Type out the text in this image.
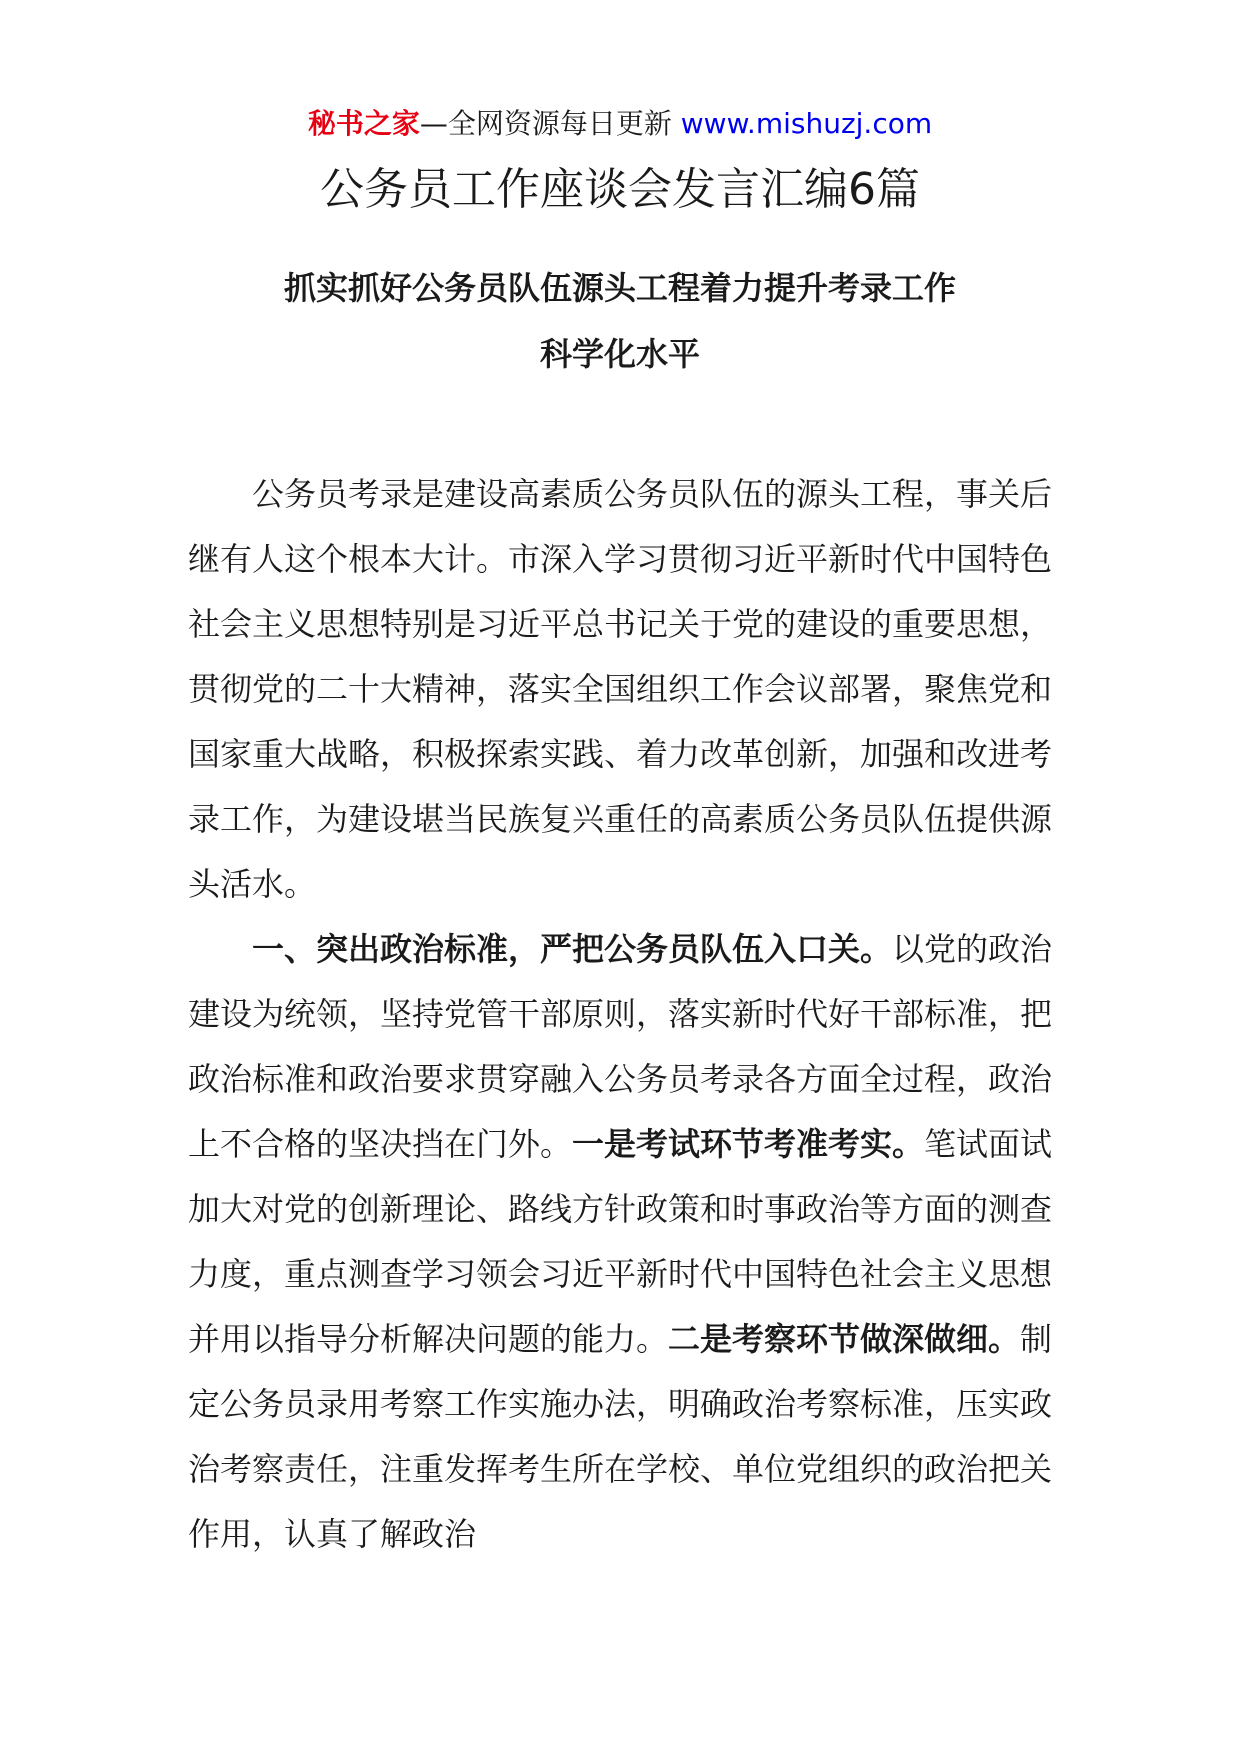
秘书之家—全网资源每日更新 www.mishuzj.com
公务员工作座谈会发言汇编6篇
抓实抓好公务员队伍源头工程着力提升考录工作
科学化水平

公务员考录是建设高素质公务员队伍的源头工程，事关后继有人这个根本大计。市深入学习贯彻习近平新时代中国特色社会主义思想特别是习近平总书记关于党的建设的重要思想，贯彻党的二十大精神，落实全国组织工作会议部署，聚焦党和国家重大战略，积极探索实践、着力改革创新，加强和改进考录工作，为建设堪当民族复兴重任的高素质公务员队伍提供源头活水。

一、突出政治标准，严把公务员队伍入口关。以党的政治建设为统领，坚持党管干部原则，落实新时代好干部标准，把政治标准和政治要求贯穿融入公务员考录各方面全过程，政治上不合格的坚决挡在门外。一是考试环节考准考实。笔试面试加大对党的创新理论、路线方针政策和时事政治等方面的测查力度，重点测查学习领会习近平新时代中国特色社会主义思想并用以指导分析解决问题的能力。二是考察环节做深做细。制定公务员录用考察工作实施办法，明确政治考察标准，压实政治考察责任，注重发挥考生所在学校、单位党组织的政治把关作用，认真了解政治
